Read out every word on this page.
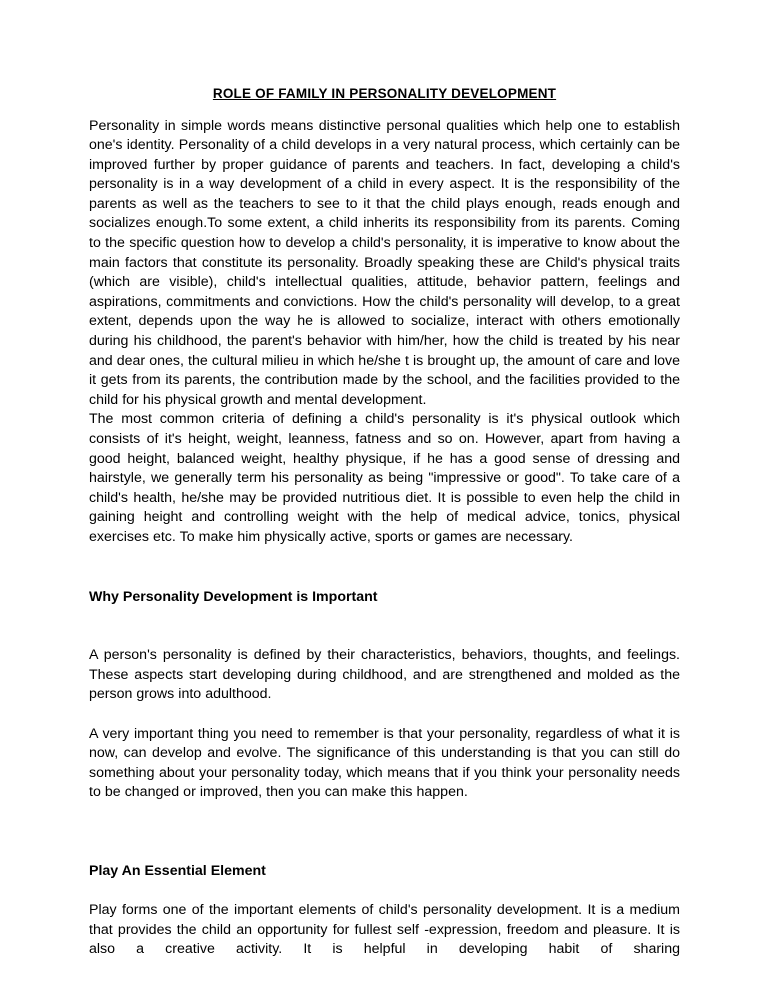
ROLE OF FAMILY IN PERSONALITY DEVELOPMENT

Personality in simple words means distinctive personal qualities which help one to establish one's identity. Personality of a child develops in a very natural process, which certainly can be improved further by proper guidance of parents and teachers. In fact, developing a child's personality is in a way development of a child in every aspect. It is the responsibility of the parents as well as the teachers to see to it that the child plays enough, reads enough and socializes enough.To some extent, a child inherits its responsibility from its parents. Coming to the specific question how to develop a child's personality, it is imperative to know about the main factors that constitute its personality. Broadly speaking these are Child's physical traits (which are visible), child's intellectual qualities, attitude, behavior pattern, feelings and aspirations, commitments and convictions. How the child's personality will develop, to a great extent, depends upon the way he is allowed to socialize, interact with others emotionally during his childhood, the parent's behavior with him/her, how the child is treated by his near and dear ones, the cultural milieu in which he/she t is brought up, the amount of care and love it gets from its parents, the contribution made by the school, and the facilities provided to the child for his physical growth and mental development.

The most common criteria of defining a child's personality is it's physical outlook which consists of it's height, weight, leanness, fatness and so on. However, apart from having a good height, balanced weight, healthy physique, if he has a good sense of dressing and hairstyle, we generally term his personality as being "impressive or good". To take care of a child's health, he/she may be provided nutritious diet. It is possible to even help the child in gaining height and controlling weight with the help of medical advice, tonics, physical exercises etc. To make him physically active, sports or games are necessary.

Why Personality Development is Important

A person's personality is defined by their characteristics, behaviors, thoughts, and feelings. These aspects start developing during childhood, and are strengthened and molded as the person grows into adulthood.

A very important thing you need to remember is that your personality, regardless of what it is now, can develop and evolve. The significance of this understanding is that you can still do something about your personality today, which means that if you think your personality needs to be changed or improved, then you can make this happen.

Play An Essential Element

Play forms one of the important elements of child's personality development. It is a medium that provides the child an opportunity for fullest self -expression, freedom and pleasure. It is also a creative activity. It is helpful in developing habit of sharing
